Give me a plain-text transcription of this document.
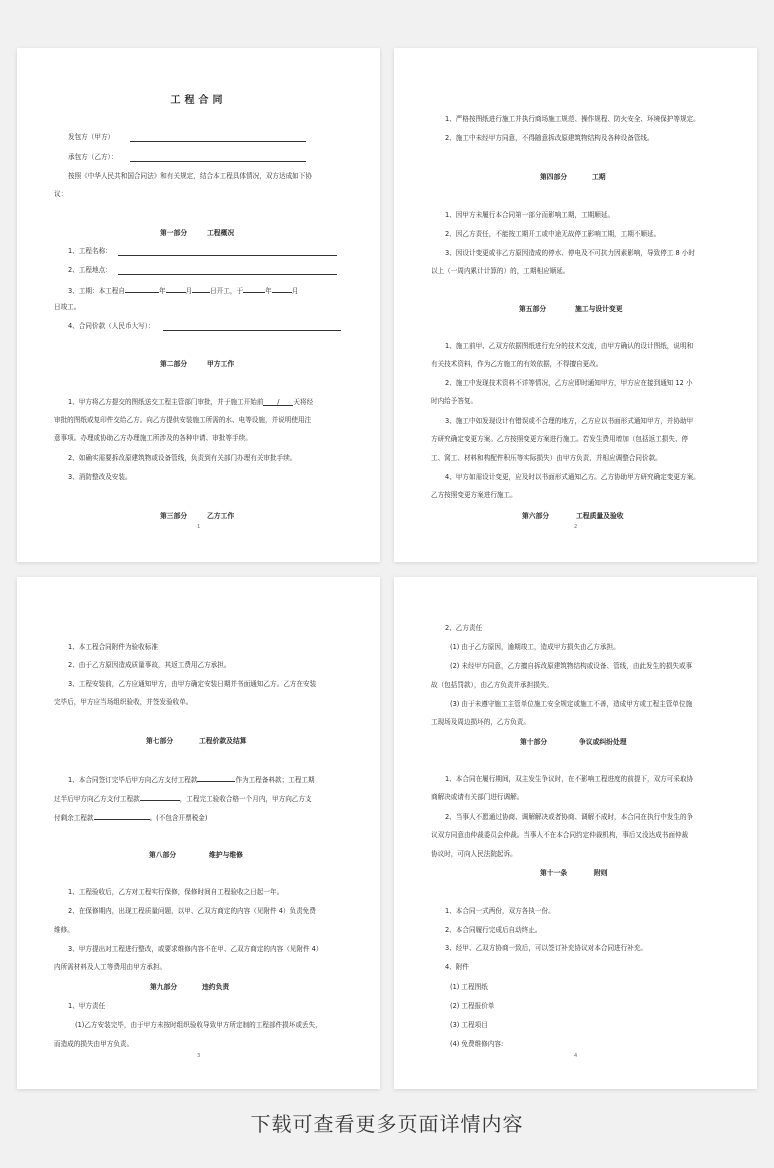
工程合同
发包方（甲方）
承包方（乙方）：
按照《中华人民共和国合同法》和有关规定，结合本工程具体情况，双方达成如下协
议：
第一部分	工程概况
1、工程名称：
2、工程地点：
3、工期：本工程自	年	月	日开工，于	年	月
日竣工。
4、合同价款（人民币大写）：
第二部分	甲方工作
1、甲方将乙方提交的图纸送交工程主管部门审批，并于施工开始前 / 天将经
审批的图纸或复印件交给乙方。向乙方提供安装施工所需的水、电等设施，并说明使用注
意事项。办理或协助乙方办理施工所涉及的各种申请、审批等手续。
2、如确实需要拆改原建筑物或设备管线，负责到有关部门办理有关审批手续。
3、消防整改及安装。
第三部分	乙方工作
1
1、严格按图纸进行施工并执行商场施工规范、操作规程、防火安全、环境保护等规定。
2、施工中未经甲方同意，不得随意拆改原建筑物结构及各种设备管线。
第四部分	工期
1、因甲方未履行本合同第一部分而影响工期，工期顺延。
2、因乙方责任，不能按工期开工或中途无故停工影响工期，工期不顺延。
3、因设计变更或非乙方原因造成的停水、停电及不可抗力因素影响，导致停工 8 小时
以上（一周内累计计算的）的，工期相应顺延。
第五部分	施工与设计变更
1、施工前甲、乙双方依据图纸进行充分的技术交流，由甲方确认的设计图纸，说明和
有关技术资料，作为乙方施工的有效依据，不得擅自更改。
2、施工中发现技术资料不详等情况，乙方应即时通知甲方，甲方应在接到通知 12 小
时内给予答复。
3、施工中如发现设计有错误或不合理的地方，乙方应以书面形式通知甲方，并协助甲
方研究确定变更方案。乙方按照变更方案进行施工。若发生费用增加（包括返工损失、停
工、窝工、材料和构配件积压等实际损失）由甲方负责，并相应调整合同价款。
4、甲方如需设计变更，应及时以书面形式通知乙方。乙方协助甲方研究确定变更方案。
乙方按照变更方案进行施工。
第六部分	工程质量及验收
2
1、本工程合同附件为验收标准
2、由于乙方原因造成质量事故，其返工费用乙方承担。
3、工程安装前，乙方应通知甲方，由甲方确定安装日期并书面通知乙方。乙方在安装
完毕后，甲方应当场组织验收，并签发验收单。
第七部分	工程价款及结算
1、本合同签订完毕后甲方向乙方支付工程款	作为工程备料款；工程工期
过半后甲方向乙方支付工程款	，工程完工验收合格一个月内，甲方向乙方支
付剩余工程款	。(不包含开票税金)
第八部分	维护与维修
1、工程验收后，乙方对工程实行保修，保修时间自工程验收之日起一年。
2、在保修期内，出现工程质量问题，以甲、乙双方商定的内容（见附件 4）负责免费
维修。
3、甲方提出对工程进行整改，或要求维修内容不在甲、乙双方商定的内容（见附件 4）
内所需材料及人工等费用由甲方承担。
第九部分	违约负责
1、甲方责任
(1)乙方安装完毕，由于甲方未按时组织验收导致甲方所定制的工程部件损坏或丢失，
而造成的损失由甲方负责。
3
2、乙方责任
(1) 由于乙方原因，逾期竣工，造成甲方损失由乙方承担。
(2) 未经甲方同意，乙方擅自拆改原建筑物结构或设备、管线，由此发生的损失或事
故（包括罚款），由乙方负责并承担损失。
(3) 由于未遵守施工主管单位施工安全规定或施工不善，造成甲方或工程主管单位施
工现场及周边损坏的，乙方负责。
第十部分	争议或纠纷处理
1、本合同在履行期间，双主发生争议时，在不影响工程进度的前提下，双方可采取协
商解决或请有关部门进行调解。
2、当事人不愿通过协商、调解解决或者协商、调解不成时，本合同在执行中发生的争
议双方同意由仲裁委员会仲裁。当事人不在本合同约定仲裁机构，事后又没达成书面仲裁
协议时，可向人民法院起诉。
第十一条	附则
1、本合同一式两份，双方各执一份。
2、本合同履行完成后自动终止。
3、经甲、乙双方协商一致后，可以签订补充协议对本合同进行补充。
4、附件
(1) 工程图纸
(2) 工程报价单
(3) 工程项目
(4) 免费维修内容:
4
下载可查看更多页面详情内容
